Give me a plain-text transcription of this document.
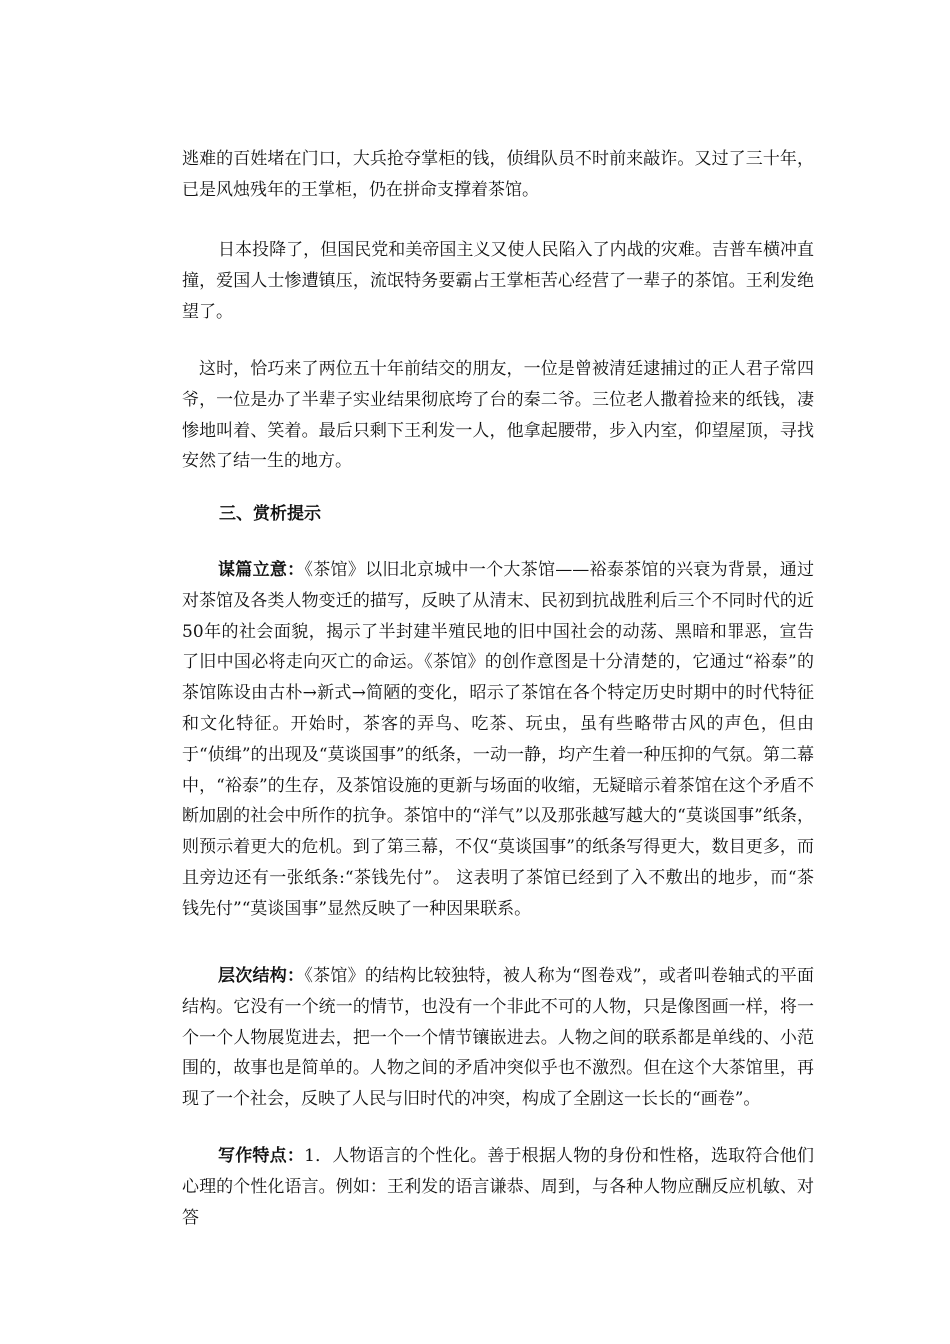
逃难的百姓堵在门口，大兵抢夺掌柜的钱，侦缉队员不时前来敲诈。又过了三十年，已是风烛残年的王掌柜，仍在拼命支撑着茶馆。

日本投降了，但国民党和美帝国主义又使人民陷入了内战的灾难。吉普车横冲直撞，爱国人士惨遭镇压，流氓特务要霸占王掌柜苦心经营了一辈子的茶馆。王利发绝望了。

这时，恰巧来了两位五十年前结交的朋友，一位是曾被清廷逮捕过的正人君子常四爷，一位是办了半辈子实业结果彻底垮了台的秦二爷。三位老人撒着捡来的纸钱，凄惨地叫着、笑着。最后只剩下王利发一人，他拿起腰带，步入内室，仰望屋顶，寻找安然了结一生的地方。

三、赏析提示

谋篇立意：《茶馆》以旧北京城中一个大茶馆——裕泰茶馆的兴衰为背景，通过对茶馆及各类人物变迁的描写，反映了从清末、民初到抗战胜利后三个不同时代的近50年的社会面貌，揭示了半封建半殖民地的旧中国社会的动荡、黑暗和罪恶，宣告了旧中国必将走向灭亡的命运。《茶馆》的创作意图是十分清楚的，它通过“裕泰”的茶馆陈设由古朴→新式→简陋的变化，昭示了茶馆在各个特定历史时期中的时代特征和文化特征。开始时，茶客的弄鸟、吃茶、玩虫，虽有些略带古风的声色，但由于“侦缉”的出现及“莫谈国事”的纸条，一动一静，均产生着一种压抑的气氛。第二幕中，“裕泰”的生存，及茶馆设施的更新与场面的收缩，无疑暗示着茶馆在这个矛盾不断加剧的社会中所作的抗争。茶馆中的“洋气”以及那张越写越大的“莫谈国事”纸条，则预示着更大的危机。到了第三幕，不仅“莫谈国事”的纸条写得更大，数目更多，而且旁边还有一张纸条:“茶钱先付”。 这表明了茶馆已经到了入不敷出的地步，而“茶钱先付”“莫谈国事”显然反映了一种因果联系。

层次结构：《茶馆》的结构比较独特，被人称为“图卷戏”，或者叫卷轴式的平面结构。它没有一个统一的情节，也没有一个非此不可的人物，只是像图画一样，将一个一个人物展览进去，把一个一个情节镶嵌进去。人物之间的联系都是单线的、小范围的，故事也是简单的。人物之间的矛盾冲突似乎也不激烈。但在这个大茶馆里，再现了一个社会，反映了人民与旧时代的冲突，构成了全剧这一长长的“画卷”。

写作特点：1．人物语言的个性化。善于根据人物的身份和性格，选取符合他们心理的个性化语言。例如：王利发的语言谦恭、周到，与各种人物应酬反应机敏、对答
